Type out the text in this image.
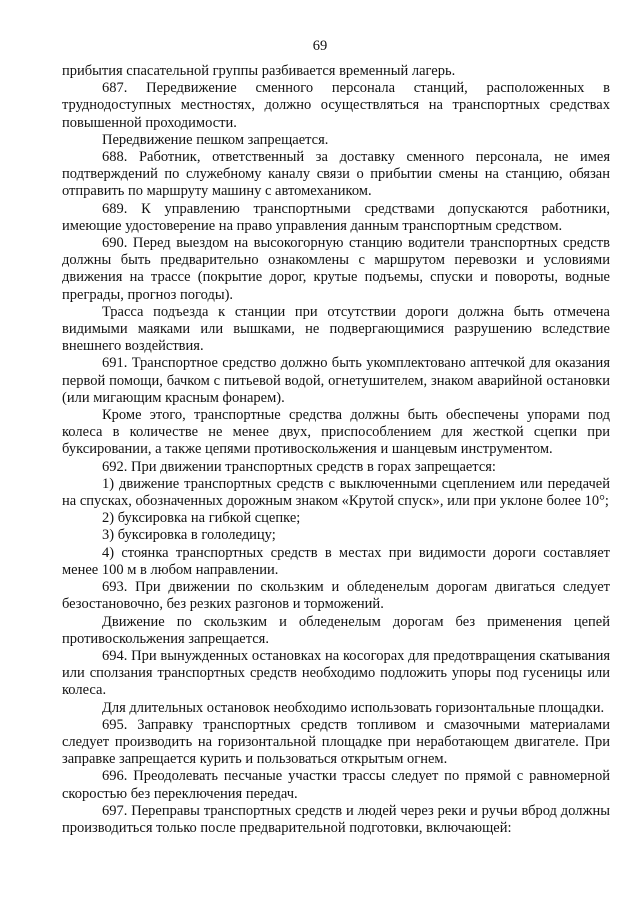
69

прибытия спасательной группы разбивается временный лагерь.

687. Передвижение сменного персонала станций, расположенных в труднодоступных местностях, должно осуществляться на транспортных средствах повышенной проходимости.

Передвижение пешком запрещается.

688. Работник, ответственный за доставку сменного персонала, не имея подтверждений по служебному каналу связи о прибытии смены на станцию, обязан отправить по маршруту машину с автомехаником.

689. К управлению транспортными средствами допускаются работники, имеющие удостоверение на право управления данным транспортным средством.

690. Перед выездом на высокогорную станцию водители транспортных средств должны быть предварительно ознакомлены с маршрутом перевозки и условиями движения на трассе (покрытие дорог, крутые подъемы, спуски и повороты, водные преграды, прогноз погоды).

Трасса подъезда к станции при отсутствии дороги должна быть отмечена видимыми маяками или вышками, не подвергающимися разрушению вследствие внешнего воздействия.

691. Транспортное средство должно быть укомплектовано аптечкой для оказания первой помощи, бачком с питьевой водой, огнетушителем, знаком аварийной остановки (или мигающим красным фонарем).

Кроме этого, транспортные средства должны быть обеспечены упорами под колеса в количестве не менее двух, приспособлением для жесткой сцепки при буксировании, а также цепями противоскольжения и шанцевым инструментом.

692. При движении транспортных средств в горах запрещается:

1) движение транспортных средств с выключенными сцеплением или передачей на спусках, обозначенных дорожным знаком «Крутой спуск», или при уклоне более 10°;

2) буксировка на гибкой сцепке;

3) буксировка в гололедицу;

4) стоянка транспортных средств в местах при видимости дороги составляет менее 100 м в любом направлении.

693. При движении по скользким и обледенелым дорогам двигаться следует безостановочно, без резких разгонов и торможений.

Движение по скользким и обледенелым дорогам без применения цепей противоскольжения запрещается.

694. При вынужденных остановках на косогорах для предотвращения скатывания или сползания транспортных средств необходимо подложить упоры под гусеницы или колеса.

Для длительных остановок необходимо использовать горизонтальные площадки.

695. Заправку транспортных средств топливом и смазочными материалами следует производить на горизонтальной площадке при неработающем двигателе. При заправке запрещается курить и пользоваться открытым огнем.

696. Преодолевать песчаные участки трассы следует по прямой с равномерной скоростью без переключения передач.

697. Переправы транспортных средств и людей через реки и ручьи вброд должны производиться только после предварительной подготовки, включающей:
